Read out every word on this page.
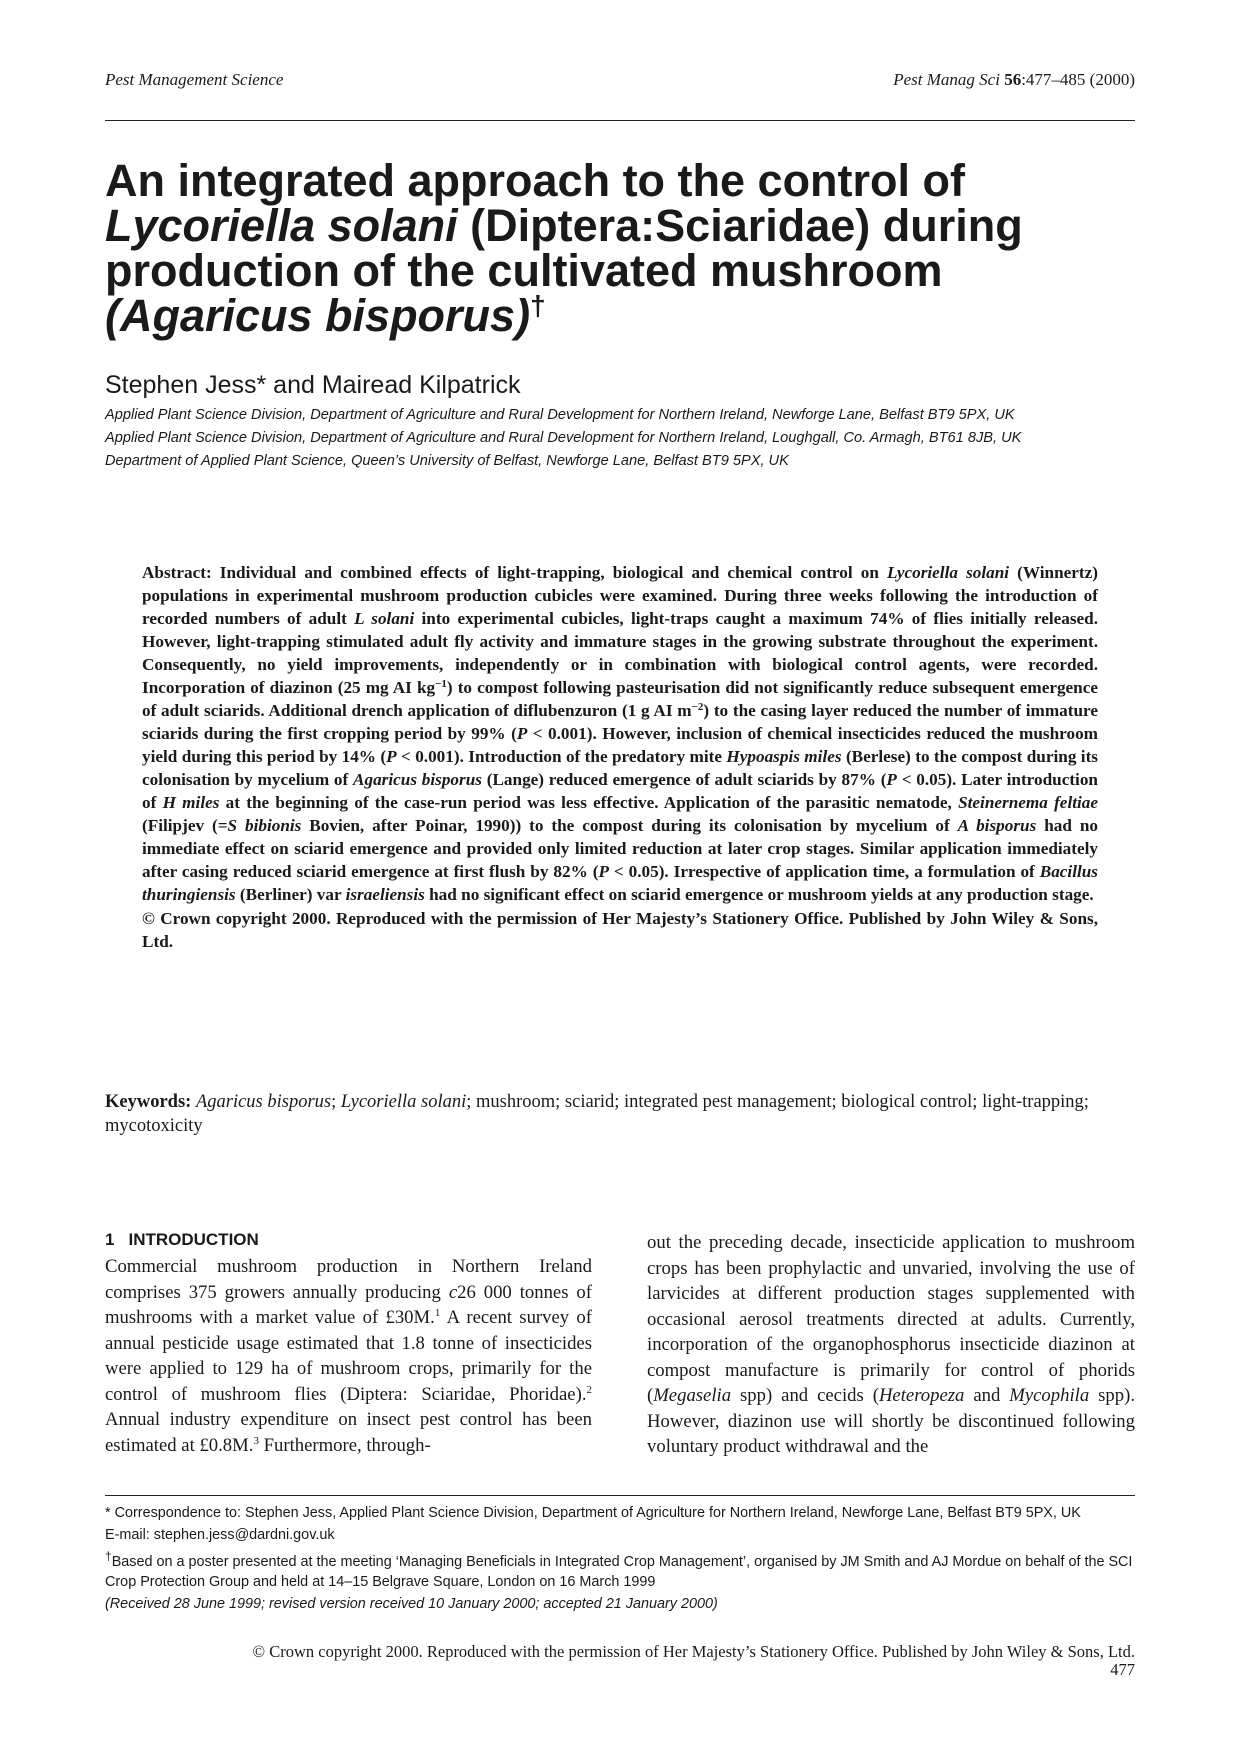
Pest Management Science	Pest Manag Sci 56:477–485 (2000)
An integrated approach to the control of
Lycoriella solani (Diptera:Sciaridae) during
production of the cultivated mushroom
(Agaricus bisporus)†
Stephen Jess* and Mairead Kilpatrick
Applied Plant Science Division, Department of Agriculture and Rural Development for Northern Ireland, Newforge Lane, Belfast BT9 5PX, UK
Applied Plant Science Division, Department of Agriculture and Rural Development for Northern Ireland, Loughgall, Co. Armagh, BT61 8JB, UK
Department of Applied Plant Science, Queen’s University of Belfast, Newforge Lane, Belfast BT9 5PX, UK
Abstract: Individual and combined effects of light-trapping, biological and chemical control on Lycoriella solani (Winnertz) populations in experimental mushroom production cubicles were examined. During three weeks following the introduction of recorded numbers of adult L solani into experimental cubicles, light-traps caught a maximum 74% of flies initially released. However, light-trapping stimulated adult fly activity and immature stages in the growing substrate throughout the experiment. Consequently, no yield improvements, independently or in combination with biological control agents, were recorded. Incorporation of diazinon (25 mg AI $kg^{-1}$) to compost following pasteurisation did not significantly reduce subsequent emergence of adult sciarids. Additional drench application of diflubenzuron (1 g AI $m^{-2}$) to the casing layer reduced the number of immature sciarids during the first cropping period by 99% (P < 0.001). However, inclusion of chemical insecticides reduced the mushroom yield during this period by 14% (P < 0.001). Introduction of the predatory mite Hypoaspis miles (Berlese) to the compost during its colonisation by mycelium of Agaricus bisporus (Lange) reduced emergence of adult sciarids by 87% (P < 0.05). Later introduction of H miles at the beginning of the case-run period was less effective. Application of the parasitic nematode, Steinernema feltiae (Filipjev (=S bibionis Bovien, after Poinar, 1990)) to the compost during its colonisation by mycelium of A bisporus had no immediate effect on sciarid emergence and provided only limited reduction at later crop stages. Similar application immediately after casing reduced sciarid emergence at first flush by 82% (P < 0.05). Irrespective of application time, a formulation of Bacillus thuringiensis (Berliner) var israeliensis had no significant effect on sciarid emergence or mushroom yields at any production stage.
© Crown copyright 2000. Reproduced with the permission of Her Majesty’s Stationery Office. Published by John Wiley & Sons, Ltd.
Keywords: Agaricus bisporus; Lycoriella solani; mushroom; sciarid; integrated pest management; biological control; light-trapping; mycotoxicity
1 INTRODUCTION
Commercial mushroom production in Northern Ireland comprises 375 growers annually producing c26 000 tonnes of mushrooms with a market value of £30M.$^1$ A recent survey of annual pesticide usage estimated that 1.8 tonne of insecticides were applied to 129 ha of mushroom crops, primarily for the control of mushroom flies (Diptera: Sciaridae, Phoridae).$^2$ Annual industry expenditure on insect pest control has been estimated at £0.8M.$^3$ Furthermore, through-
out the preceding decade, insecticide application to mushroom crops has been prophylactic and unvaried, involving the use of larvicides at different production stages supplemented with occasional aerosol treatments directed at adults. Currently, incorporation of the organophosphorus insecticide diazinon at compost manufacture is primarily for control of phorids (Megaselia spp) and cecids (Heteropeza and Mycophila spp). However, diazinon use will shortly be discontinued following voluntary product withdrawal and the
* Correspondence to: Stephen Jess, Applied Plant Science Division, Department of Agriculture for Northern Ireland, Newforge Lane, Belfast BT9 5PX, UK
E-mail: stephen.jess@dardni.gov.uk
†Based on a poster presented at the meeting ‘Managing Beneficials in Integrated Crop Management’, organised by JM Smith and AJ Mordue on behalf of the SCI Crop Protection Group and held at 14–15 Belgrave Square, London on 16 March 1999
(Received 28 June 1999; revised version received 10 January 2000; accepted 21 January 2000)
© Crown copyright 2000. Reproduced with the permission of Her Majesty’s Stationery Office. Published by John Wiley & Sons, Ltd.
477
